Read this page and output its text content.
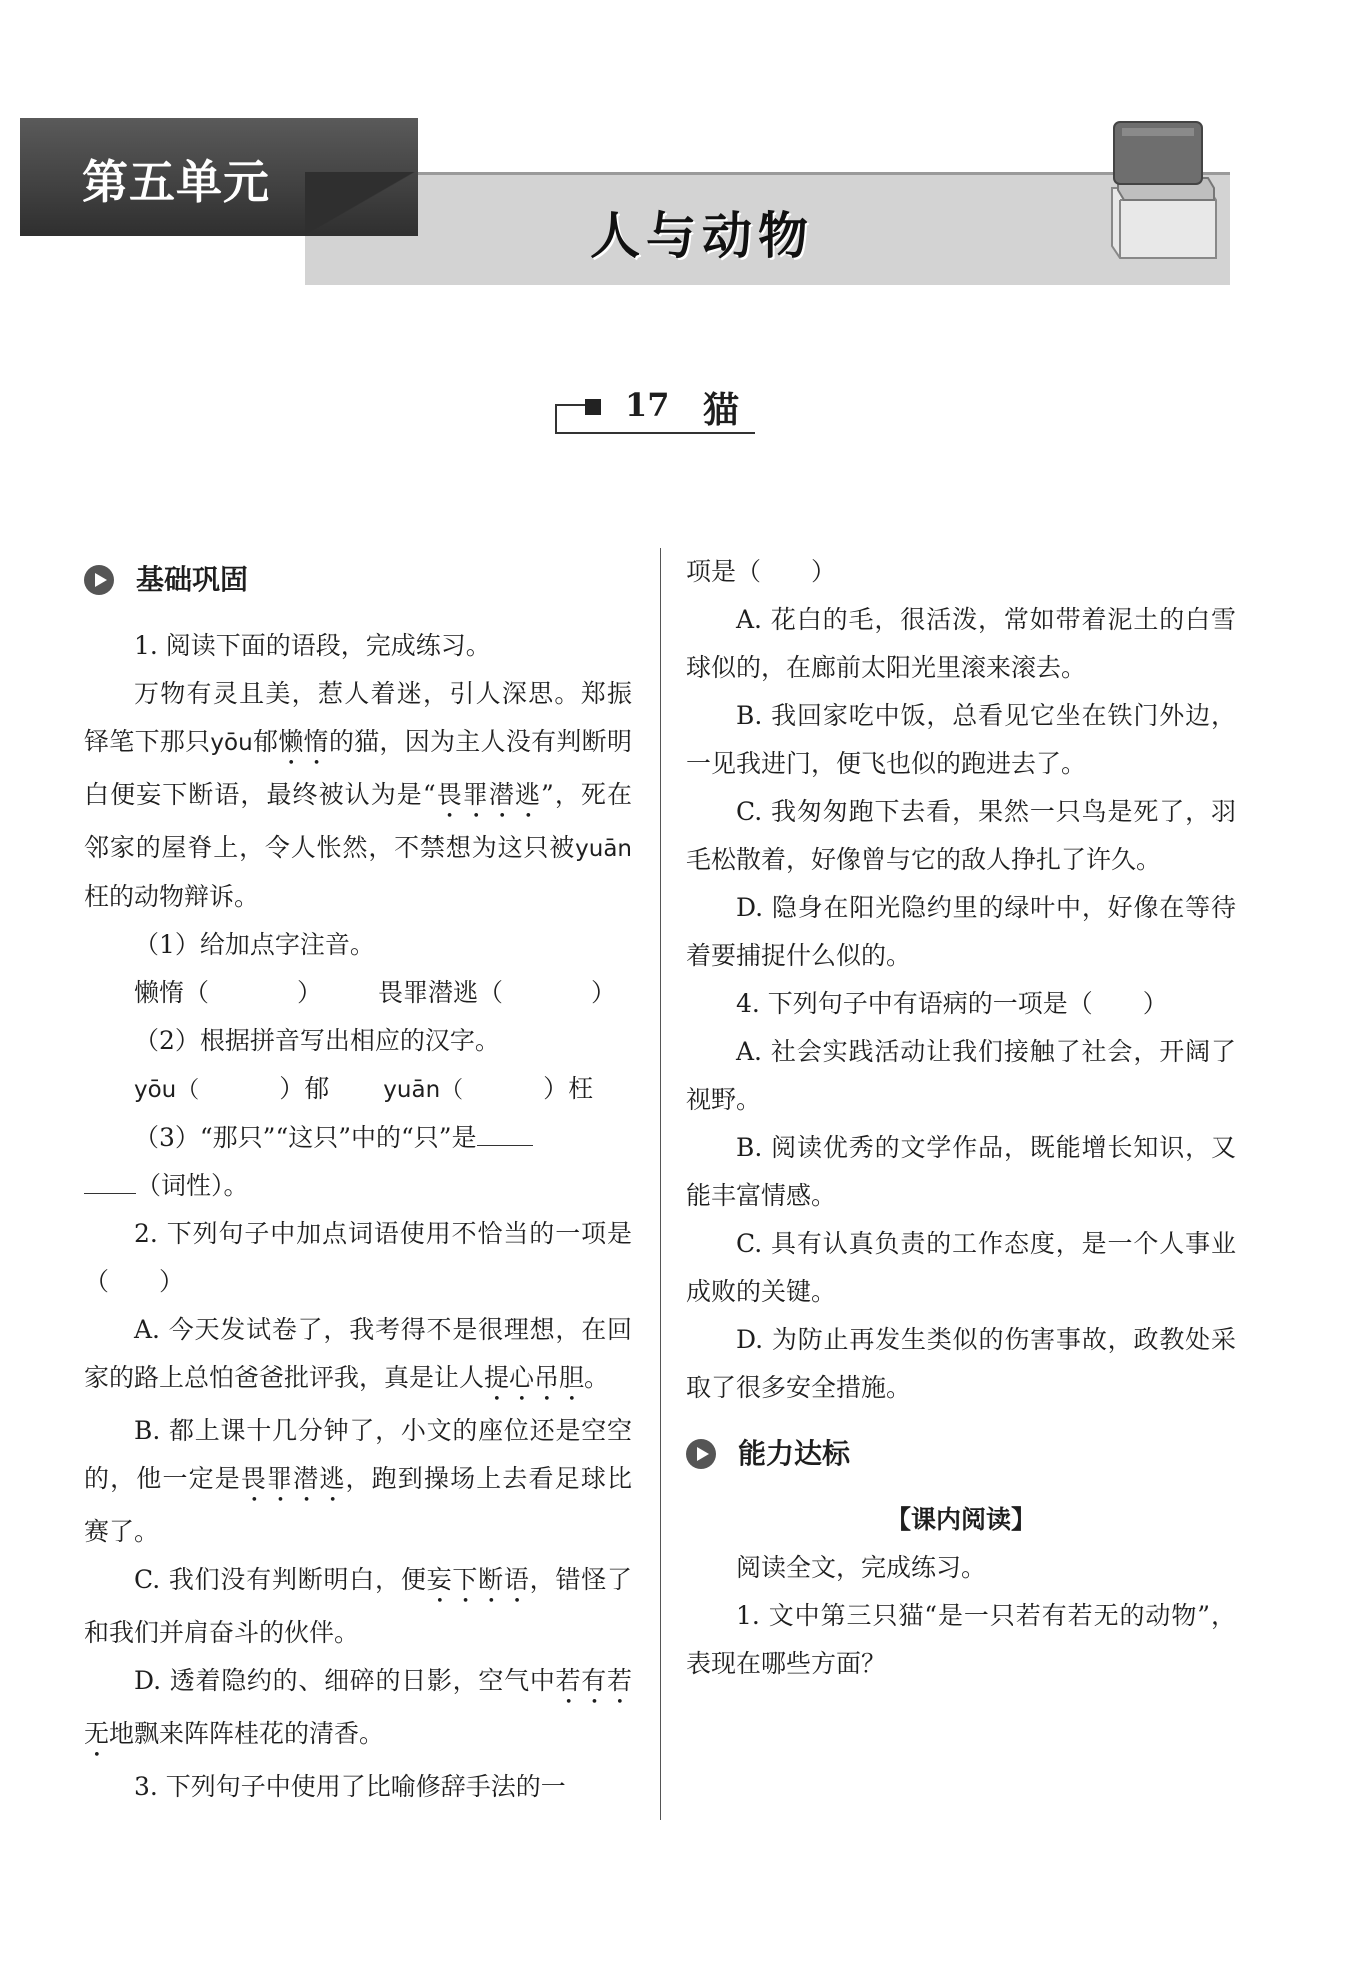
第五单元
人与动物
17 猫
基础巩固

1. 阅读下面的语段，完成练习。

万物有灵且美，惹人着迷，引人深思。郑振铎笔下那只yōu郁懒惰的猫，因为主人没有判断明白便妄下断语，最终被认为是“畏罪潜逃”，死在邻家的屋脊上，令人怅然，不禁想为这只被yuān枉的动物辩诉。

（1）给加点字注音。

懒惰（	） 畏罪潜逃（	）

（2）根据拼音写出相应的汉字。

yōu（	）郁 yuān（	）枉

（3）“那只”“这只”中的“只”是

（词性）。

2. 下列句子中加点词语使用不恰当的一项是（　　）

A. 今天发试卷了，我考得不是很理想，在回家的路上总怕爸爸批评我，真是让人提心吊胆。

B. 都上课十几分钟了，小文的座位还是空空的，他一定是畏罪潜逃，跑到操场上去看足球比赛了。

C. 我们没有判断明白，便妄下断语，错怪了和我们并肩奋斗的伙伴。

D. 透着隐约的、细碎的日影，空气中若有若无地飘来阵阵桂花的清香。

3. 下列句子中使用了比喻修辞手法的一

项是（　　）

A. 花白的毛，很活泼，常如带着泥土的白雪球似的，在廊前太阳光里滚来滚去。

B. 我回家吃中饭，总看见它坐在铁门外边，一见我进门，便飞也似的跑进去了。

C. 我匆匆跑下去看，果然一只鸟是死了，羽毛松散着，好像曾与它的敌人挣扎了许久。

D. 隐身在阳光隐约里的绿叶中，好像在等待着要捕捉什么似的。

4. 下列句子中有语病的一项是（　　）

A. 社会实践活动让我们接触了社会，开阔了视野。

B. 阅读优秀的文学作品，既能增长知识，又能丰富情感。

C. 具有认真负责的工作态度，是一个人事业成败的关键。

D. 为防止再发生类似的伤害事故，政教处采取了很多安全措施。

能力达标

【课内阅读】

阅读全文，完成练习。

1. 文中第三只猫“是一只若有若无的动物”，表现在哪些方面？
